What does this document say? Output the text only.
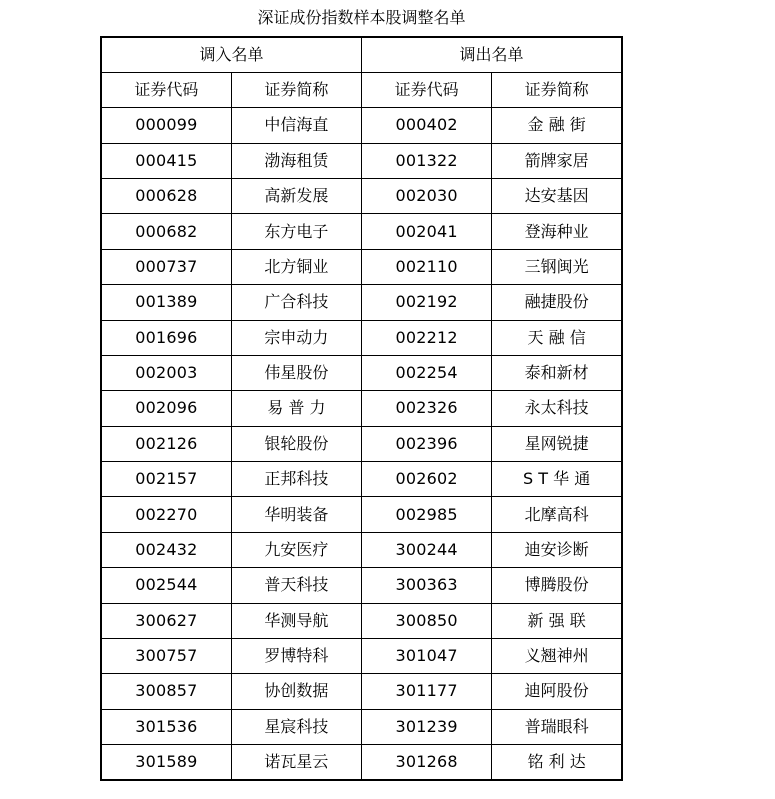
深证成份指数样本股调整名单
调入名单		调出名单	
证券代码	证券简称	证券代码	证券简称
000099	中信海直	000402	金 融 街
000415	渤海租赁	001322	箭牌家居
000628	高新发展	002030	达安基因
000682	东方电子	002041	登海种业
000737	北方铜业	002110	三钢闽光
001389	广合科技	002192	融捷股份
001696	宗申动力	002212	天 融 信
002003	伟星股份	002254	泰和新材
002096	易 普 力	002326	永太科技
002126	银轮股份	002396	星网锐捷
002157	正邦科技	002602	S T 华 通
002270	华明装备	002985	北摩高科
002432	九安医疗	300244	迪安诊断
002544	普天科技	300363	博腾股份
300627	华测导航	300850	新 强 联
300757	罗博特科	301047	义翘神州
300857	协创数据	301177	迪阿股份
301536	星宸科技	301239	普瑞眼科
301589	诺瓦星云	301268	铭 利 达
